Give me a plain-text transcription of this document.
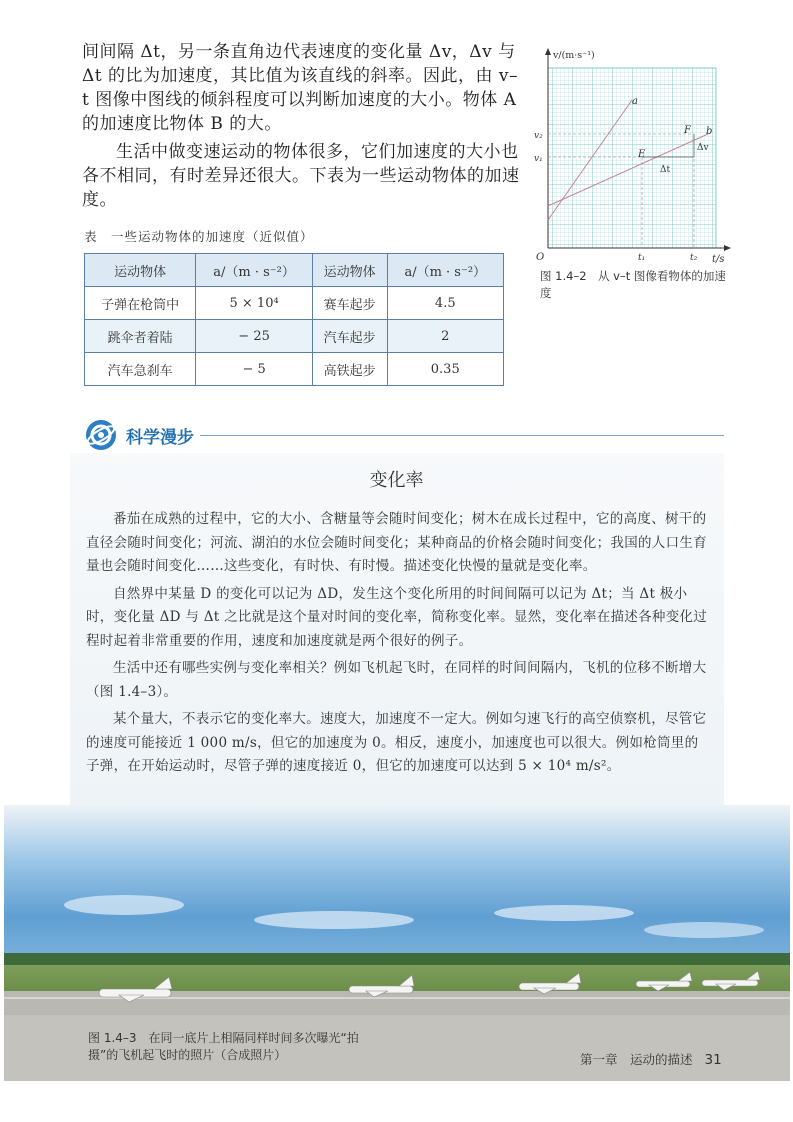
间间隔 Δt，另一条直角边代表速度的变化量 Δv，Δv 与 Δt 的比为加速度，其比值为该直线的斜率。因此，由 v–t 图像中图线的倾斜程度可以判断加速度的大小。物体 A 的加速度比物体 B 的大。

生活中做变速运动的物体很多，它们加速度的大小也各不相同，有时差异还很大。下表为一些运动物体的加速度。

v/(m·s⁻¹)
t/s
O
a
b
E
F
v₂
v₁
t₁	t₂
Δv
Δt
图 1.4–2　从 v–t 图像看物体的加速度
表　一些运动物体的加速度（近似值）
运动物体	a/（m · s⁻²）	运动物体	a/（m · s⁻²）
子弹在枪筒中	5 × 10⁴	赛车起步	4.5
跳伞者着陆	− 25	汽车起步	2
汽车急刹车	− 5	高铁起步	0.35
科学漫步
变化率

番茄在成熟的过程中，它的大小、含糖量等会随时间变化；树木在成长过程中，它的高度、树干的直径会随时间变化；河流、湖泊的水位会随时间变化；某种商品的价格会随时间变化；我国的人口生育量也会随时间变化……这些变化，有时快、有时慢。描述变化快慢的量就是变化率。

自然界中某量 D 的变化可以记为 ΔD，发生这个变化所用的时间间隔可以记为 Δt；当 Δt 极小时，变化量 ΔD 与 Δt 之比就是这个量对时间的变化率，简称变化率。显然，变化率在描述各种变化过程时起着非常重要的作用，速度和加速度就是两个很好的例子。

生活中还有哪些实例与变化率相关？例如飞机起飞时，在同样的时间间隔内，飞机的位移不断增大（图 1.4–3）。

某个量大，不表示它的变化率大。速度大，加速度不一定大。例如匀速飞行的高空侦察机，尽管它的速度可能接近 1 000 m/s，但它的加速度为 0。相反，速度小，加速度也可以很大。例如枪筒里的子弹，在开始运动时，尽管子弹的速度接近 0，但它的加速度可以达到 5 × 10⁴ m/s²。

图 1.4–3　在同一底片上相隔同样时间多次曝光“拍摄”的飞机起飞时的照片（合成照片）	第一章　运动的描述 31
